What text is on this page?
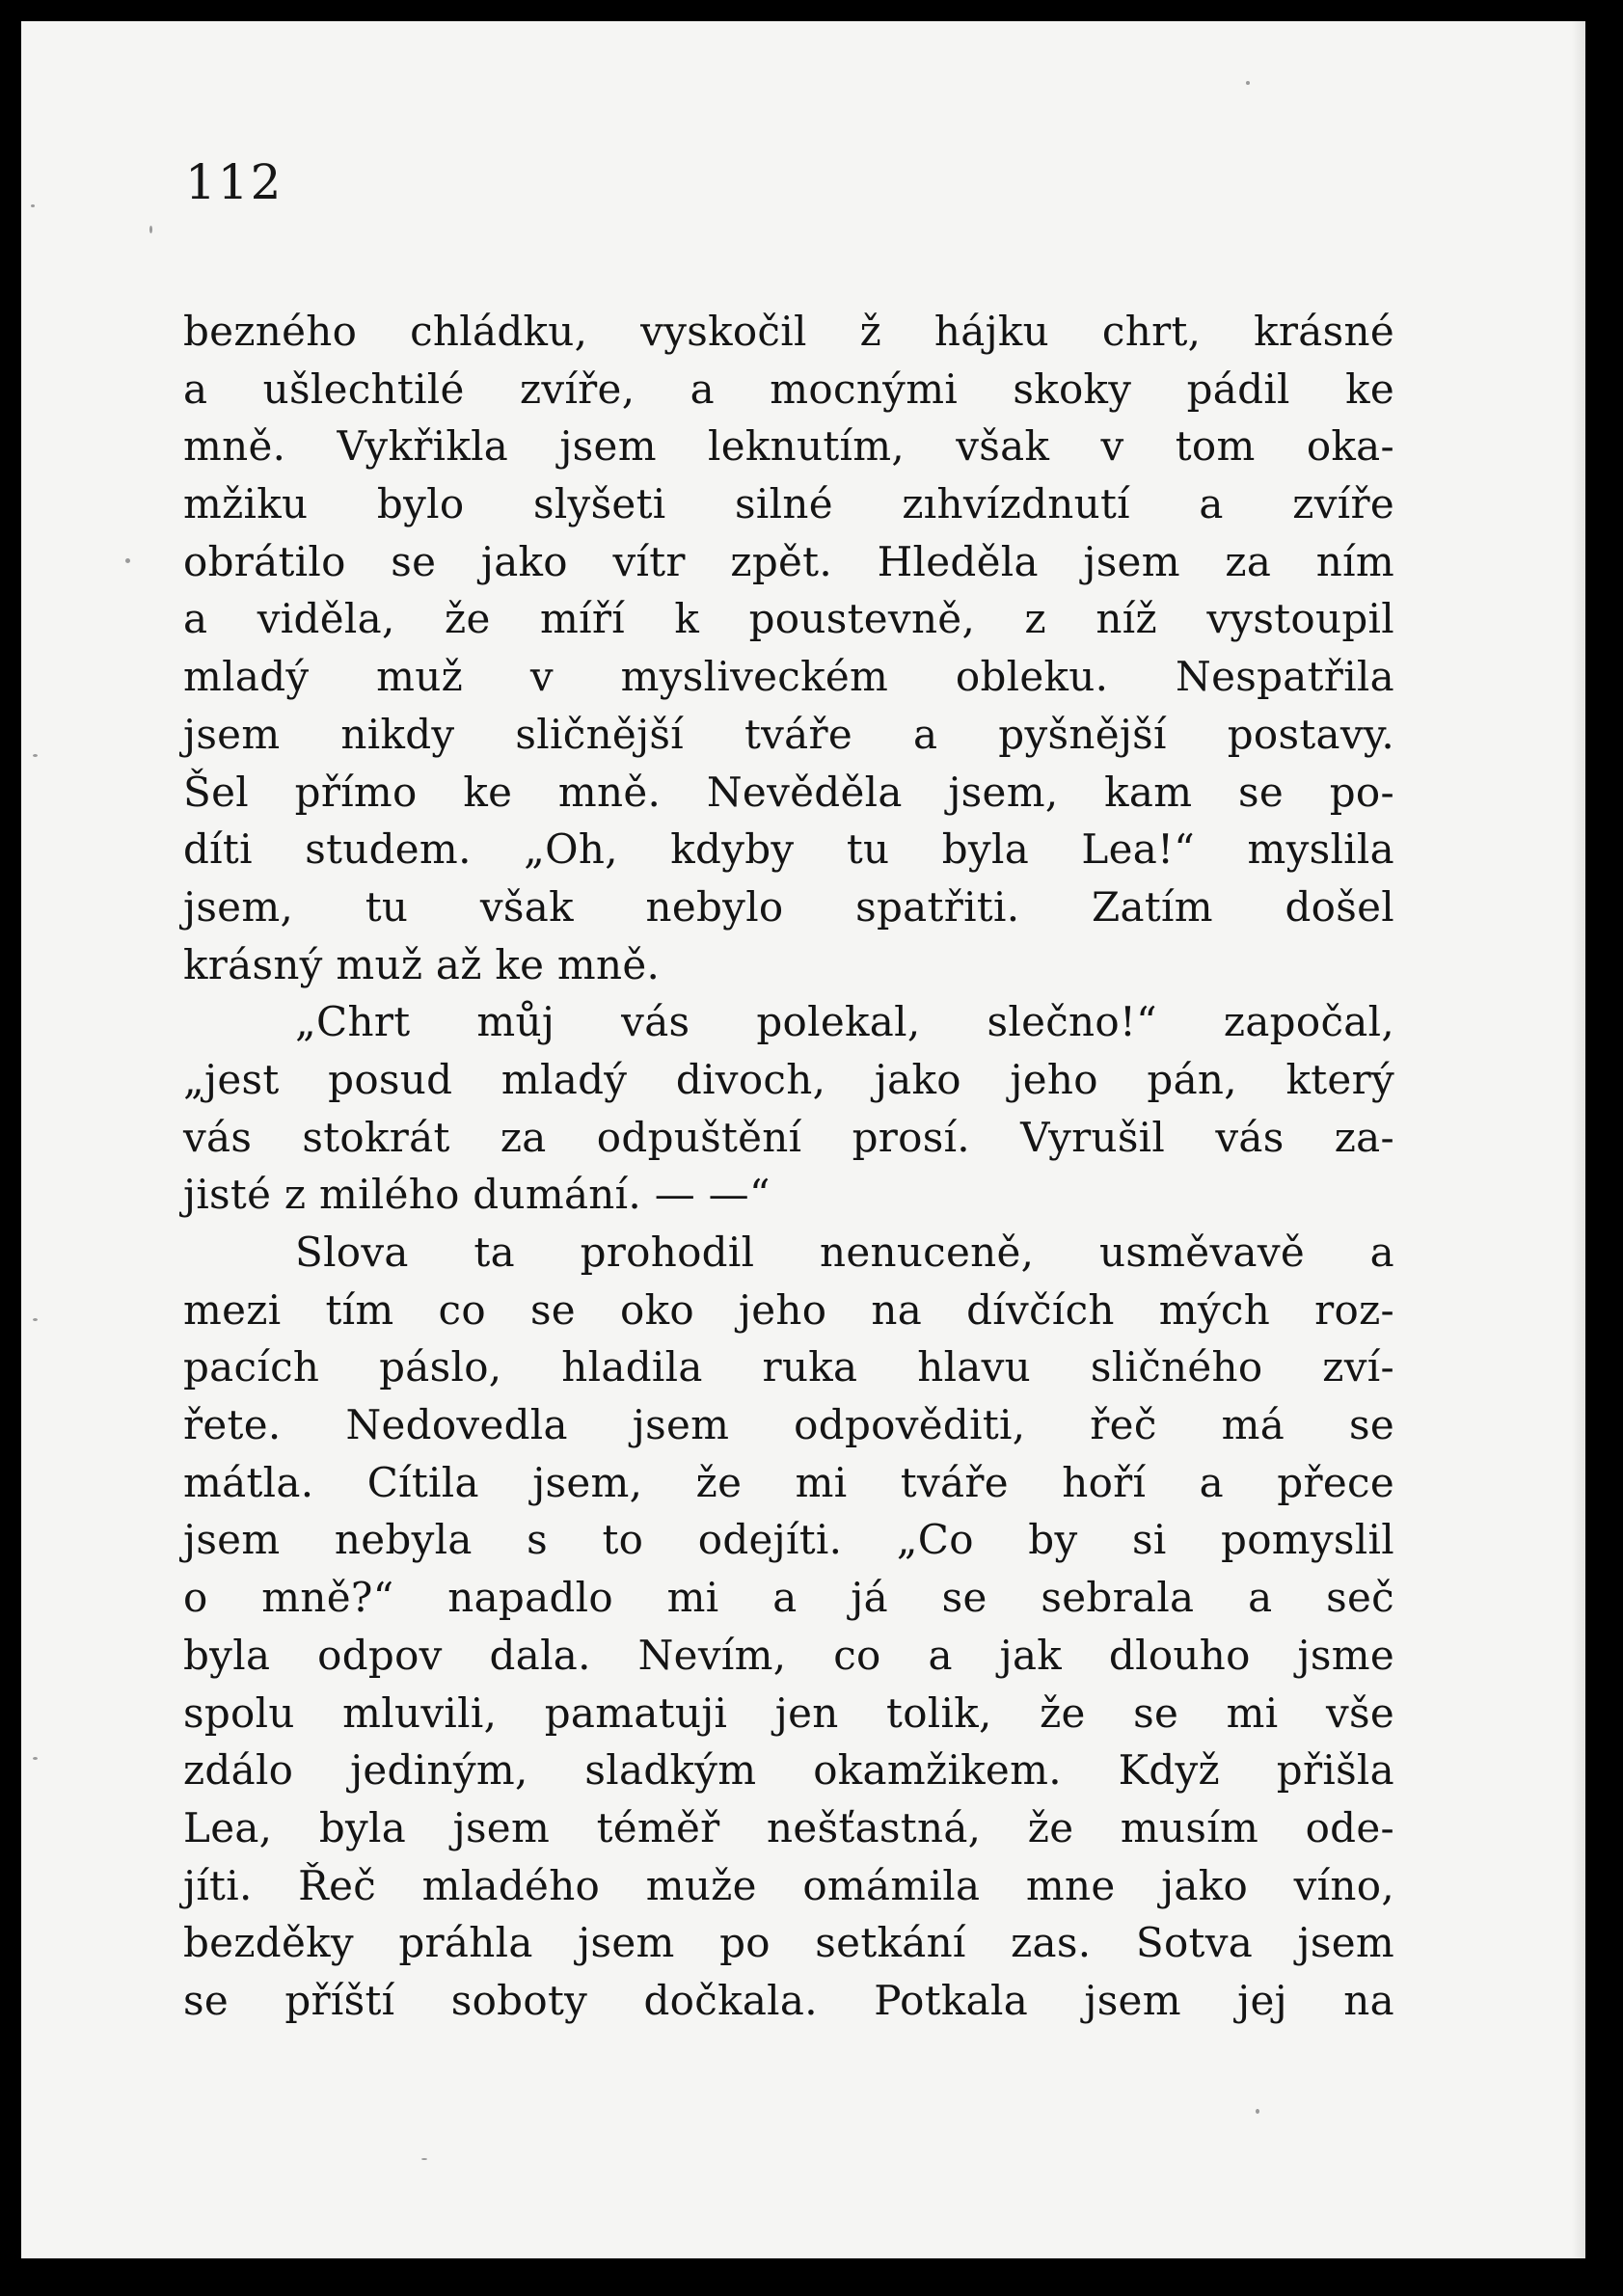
112
bezného chládku, vyskočil ž hájku chrt, krásné
a ušlechtilé zvíře, a mocnými skoky pádil ke
mně. Vykřikla jsem leknutím, však v tom oka-
mžiku bylo slyšeti silné zıhvízdnutí a zvíře
obrátilo se jako vítr zpět. Hleděla jsem za ním
a viděla, že míří k poustevně, z níž vystoupil
mladý muž v mysliveckém obleku. Nespatřila
jsem nikdy sličnější tváře a pyšnější postavy.
Šel přímo ke mně. Nevěděla jsem, kam se po-
díti studem. „Oh, kdyby tu byla Lea!“ myslila
jsem, tu však nebylo spatřiti. Zatím došel
krásný muž až ke mně.
„Chrt můj vás polekal, slečno!“ započal,
„jest posud mladý divoch, jako jeho pán, který
vás stokrát za odpuštění prosí. Vyrušil vás za-
jisté z milého dumání. — —“
Slova ta prohodil nenuceně, usměvavě a
mezi tím co se oko jeho na dívčích mých roz-
pacích páslo, hladila ruka hlavu sličného zví-
řete. Nedovedla jsem odpověditi, řeč má se
mátla. Cítila jsem, že mi tváře hoří a přece
jsem nebyla s to odejíti. „Co by si pomyslil
o mně?“ napadlo mi a já se sebrala a seč
byla odpov dala. Nevím, co a jak dlouho jsme
spolu mluvili, pamatuji jen tolik, že se mi vše
zdálo jediným, sladkým okamžikem. Když přišla
Lea, byla jsem téměř nešťastná, že musím ode-
jíti. Řeč mladého muže omámila mne jako víno,
bezděky práhla jsem po setkání zas. Sotva jsem
se příští soboty dočkala. Potkala jsem jej na
